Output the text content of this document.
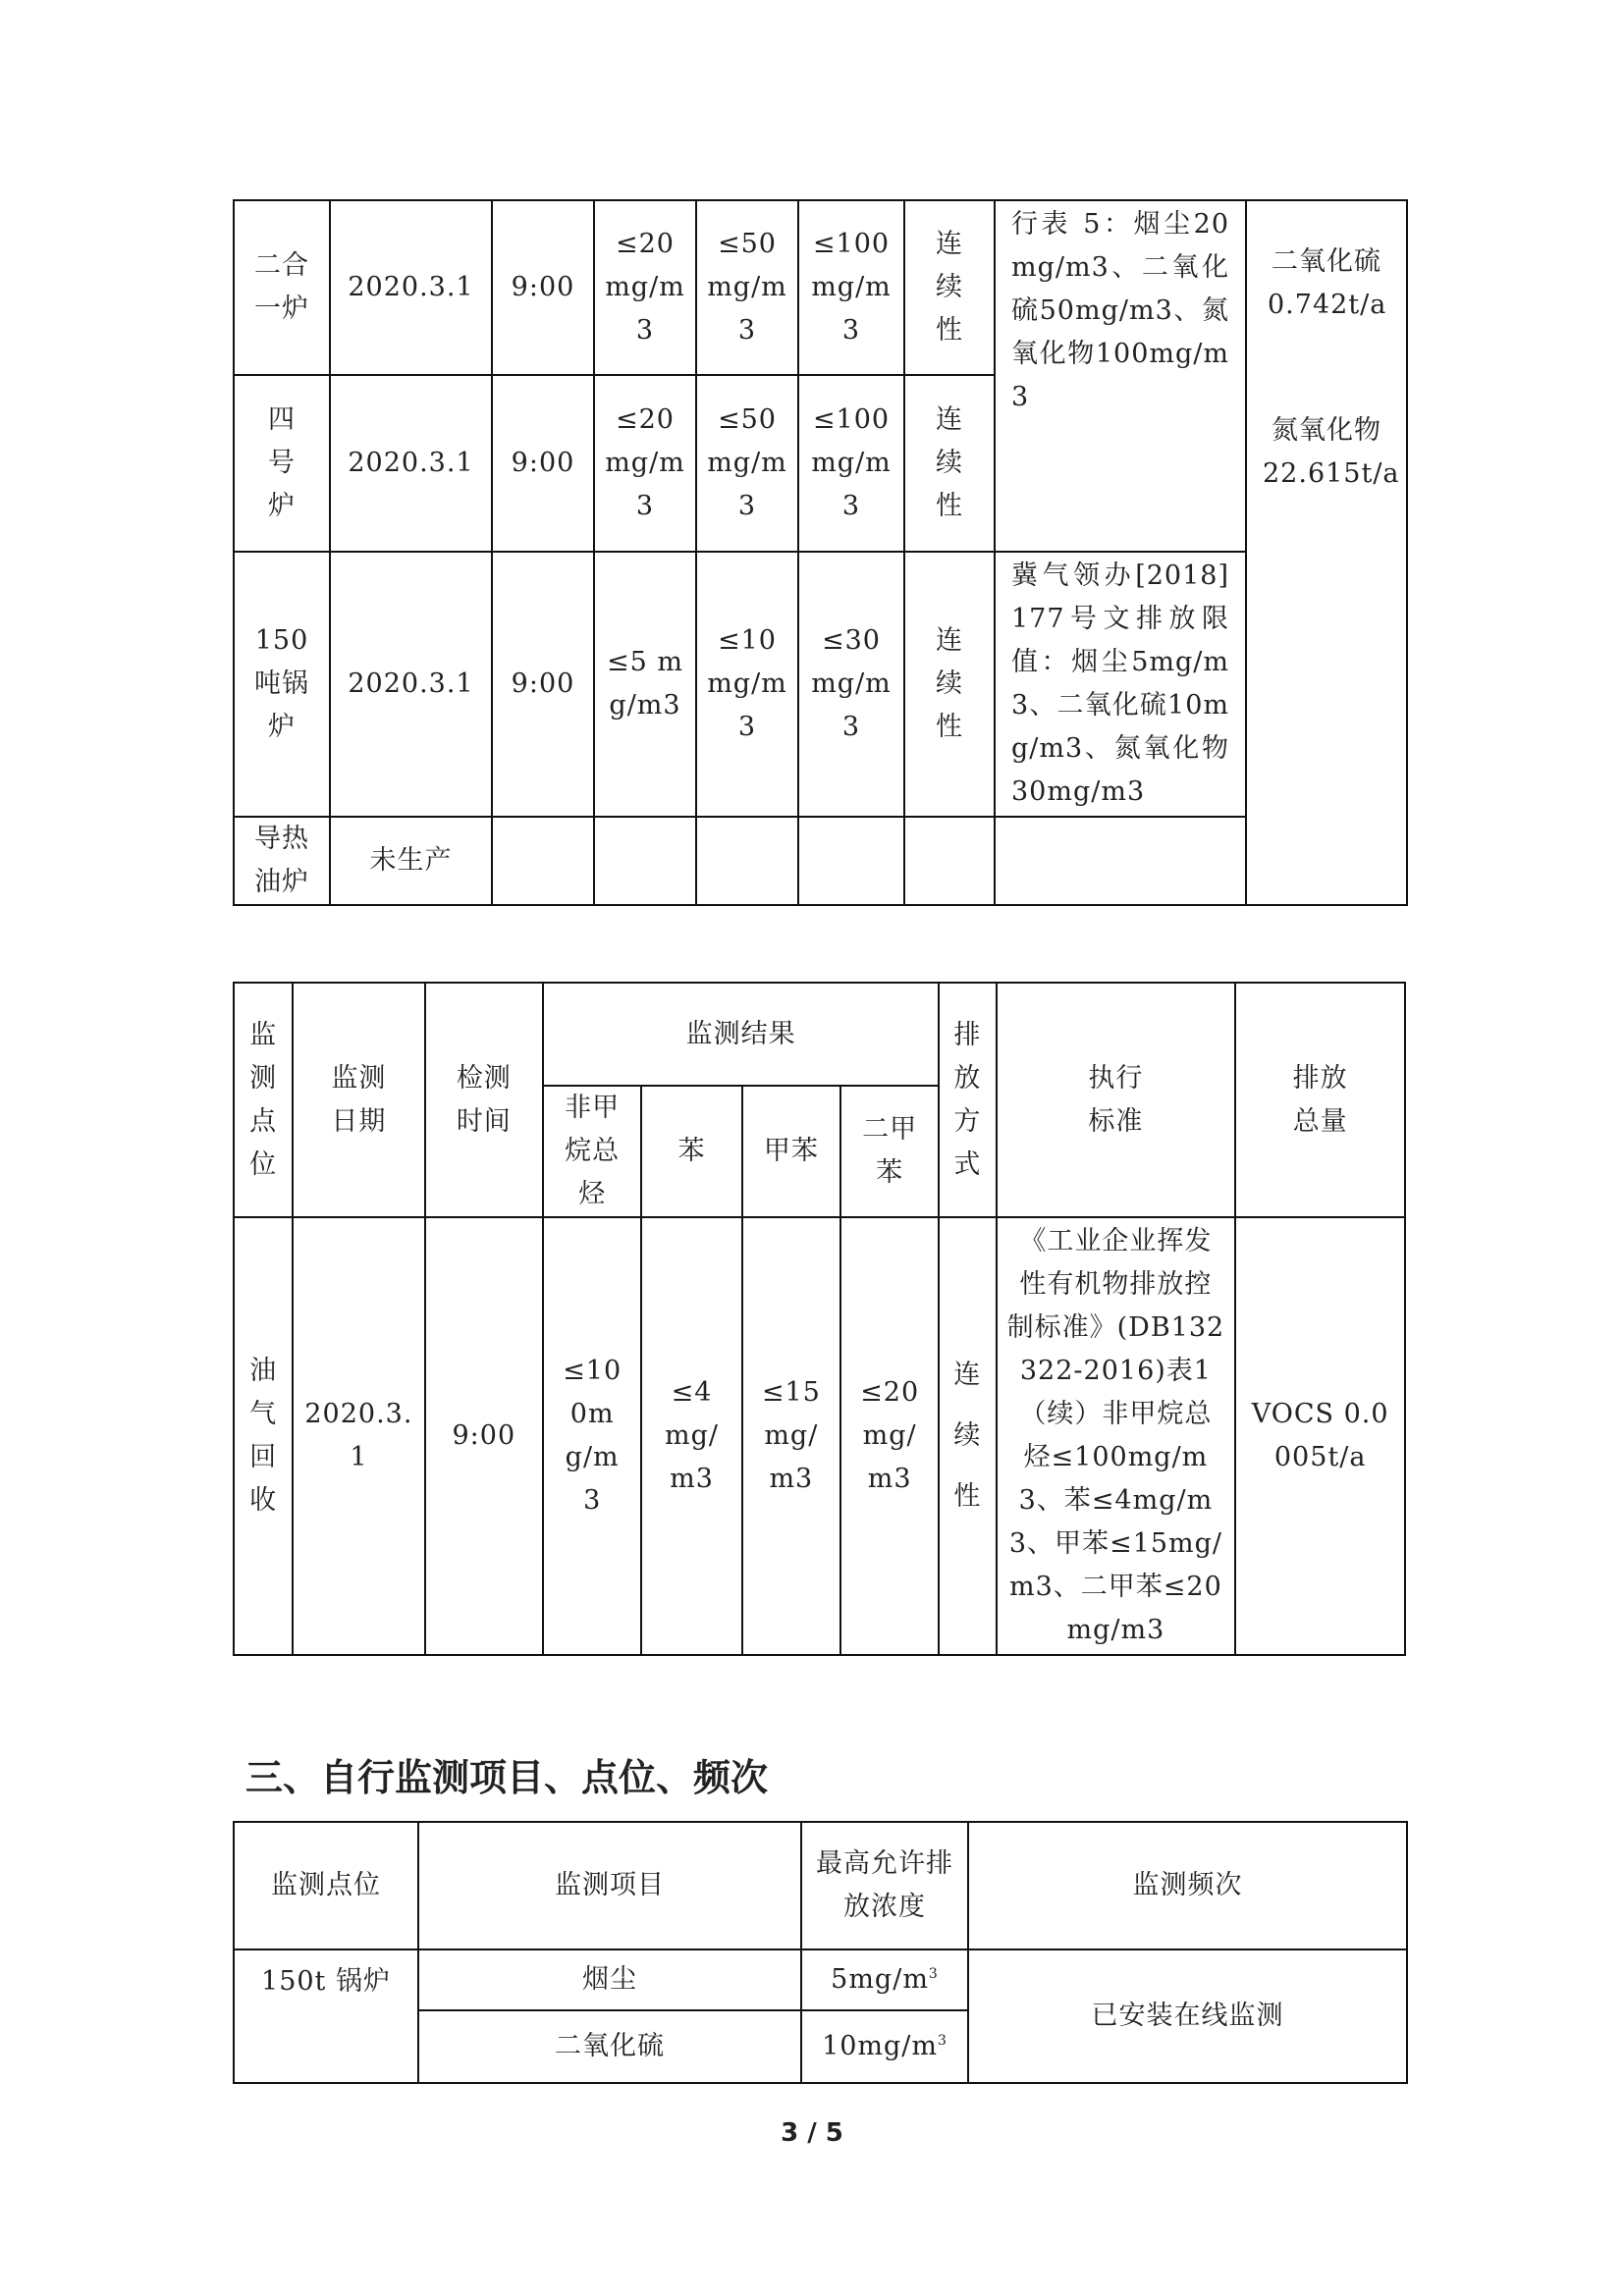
二合一炉	2020.3.1	9:00	≤20 mg/m3	≤50 mg/m3	≤100 mg/m3	连续性	行表 5：烟尘20mg/m3、二氧化硫50mg/m3、氮氧化物100mg/m3	二氧化硫0.742t/a
氮氧化物22.615t/a

四号炉	2020.3.1	9:00	≤20 mg/m3	≤50 mg/m3	≤100 mg/m3	连续性		

150吨锅炉	2020.3.1	9:00	≤5 mg/m3	≤10 mg/m3	≤30 mg/m3	连续性	冀气领办[2018]177号文排放限值：烟尘5mg/m3、二氧化硫10mg/m3、氮氧化物30mg/m3	

导热油炉	未生产							
监测点位	监测日期	检测时间	监测结果				排放方式	执行标准	排放总量

			非甲烷总烃	苯	甲苯	二甲苯			

油气回收	2020.3.1	9:00	≤100mg/m3	≤4mg/m3	≤15mg/m3	≤20mg/m3	连续性	《工业企业挥发性有机物排放控制标准》(DB132322-2016)表1（续）非甲烷总烃≤100mg/m3、苯≤4mg/m3、甲苯≤15mg/m3、二甲苯≤20mg/m3	VOCS 0.0005t/a
三、自行监测项目、点位、频次
监测点位	监测项目	最高允许排放浓度	监测频次
150t 锅炉	烟尘	$5mg/m^3$	已安装在线监测
	二氧化硫	$10mg/m^3$
3 / 5
